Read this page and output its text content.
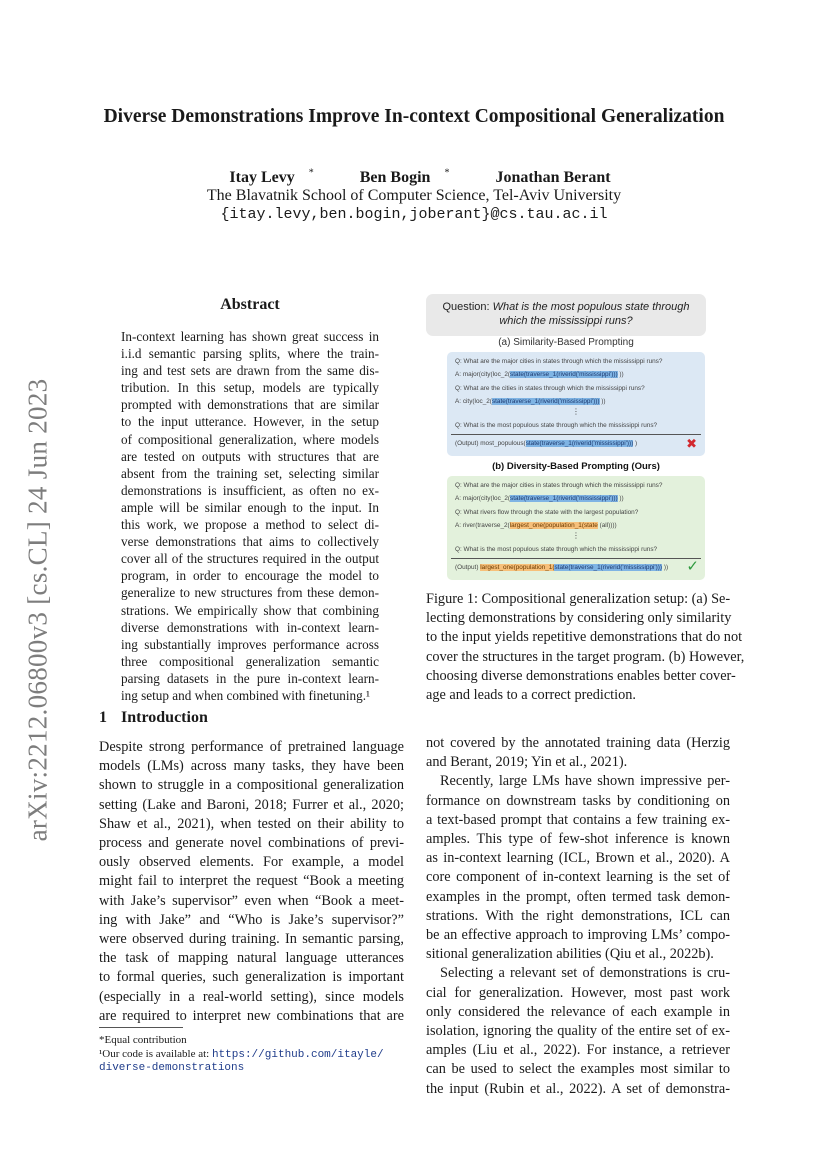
arXiv:2212.06800v3 [cs.CL] 24 Jun 2023
Diverse Demonstrations Improve In-context Compositional Generalization
Itay Levy *	Ben Bogin *	Jonathan Berant
The Blavatnik School of Computer Science, Tel-Aviv University
{itay.levy,ben.bogin,joberant}@cs.tau.ac.il
Abstract
In-context learning has shown great success in
i.i.d semantic parsing splits, where the train-
ing and test sets are drawn from the same dis-
tribution. In this setup, models are typically
prompted with demonstrations that are similar
to the input utterance. However, in the setup
of compositional generalization, where models
are tested on outputs with structures that are
absent from the training set, selecting similar
demonstrations is insufficient, as often no ex-
ample will be similar enough to the input. In
this work, we propose a method to select di-
verse demonstrations that aims to collectively
cover all of the structures required in the output
program, in order to encourage the model to
generalize to new structures from these demon-
strations. We empirically show that combining
diverse demonstrations with in-context learn-
ing substantially improves performance across
three compositional generalization semantic
parsing datasets in the pure in-context learn-
ing setup and when combined with finetuning.¹
Question: What is the most populous state through
which the mississippi runs?
(a) Similarity-Based Prompting
Q: What are the major cities in states through which the mississippi runs?
A: major(city(loc_2(state(traverse_1(riverid('mississippi'))) ))
Q: What are the cities in states through which the mississippi runs?
A: city(loc_2(state(traverse_1(riverid('mississippi'))) ))
⋮
Q: What is the most populous state through which the mississippi runs?
(Output) most_populous(state(traverse_1(riverid('mississippi'))) )	✖
(b) Diversity-Based Prompting (Ours)
Q: What are the major cities in states through which the mississippi runs?
A: major(city(loc_2(state(traverse_1(riverid('mississippi'))) ))
Q: What rivers flow through the state with the largest population?
A: river(traverse_2(largest_one(population_1(state (all))))
⋮
Q: What is the most populous state through which the mississippi runs?
(Output) largest_one(population_1(state(traverse_1(riverid('mississippi'))) )) ✓
Figure 1: Compositional generalization setup: (a) Se-
lecting demonstrations by considering only similarity
to the input yields repetitive demonstrations that do not
cover the structures in the target program. (b) However,
choosing diverse demonstrations enables better cover-
age and leads to a correct prediction.
1 Introduction
Despite strong performance of pretrained language
models (LMs) across many tasks, they have been
shown to struggle in a compositional generalization
setting (Lake and Baroni, 2018; Furrer et al., 2020;
Shaw et al., 2021), when tested on their ability to
process and generate novel combinations of previ-
ously observed elements. For example, a model
might fail to interpret the request “Book a meeting
with Jake’s supervisor” even when “Book a meet-
ing with Jake” and “Who is Jake’s supervisor?”
were observed during training. In semantic parsing,
the task of mapping natural language utterances
to formal queries, such generalization is important
(especially in a real-world setting), since models
are required to interpret new combinations that are
not covered by the annotated training data (Herzig
and Berant, 2019; Yin et al., 2021).
Recently, large LMs have shown impressive per-
formance on downstream tasks by conditioning on
a text-based prompt that contains a few training ex-
amples. This type of few-shot inference is known
as in-context learning (ICL, Brown et al., 2020). A
core component of in-context learning is the set of
examples in the prompt, often termed task demon-
strations. With the right demonstrations, ICL can
be an effective approach to improving LMs’ compo-
sitional generalization abilities (Qiu et al., 2022b).
Selecting a relevant set of demonstrations is cru-
cial for generalization. However, most past work
only considered the relevance of each example in
isolation, ignoring the quality of the entire set of ex-
amples (Liu et al., 2022). For instance, a retriever
can be used to select the examples most similar to
the input (Rubin et al., 2022). A set of demonstra-
*Equal contribution
¹Our code is available at: https://github.com/itayle/
diverse-demonstrations
